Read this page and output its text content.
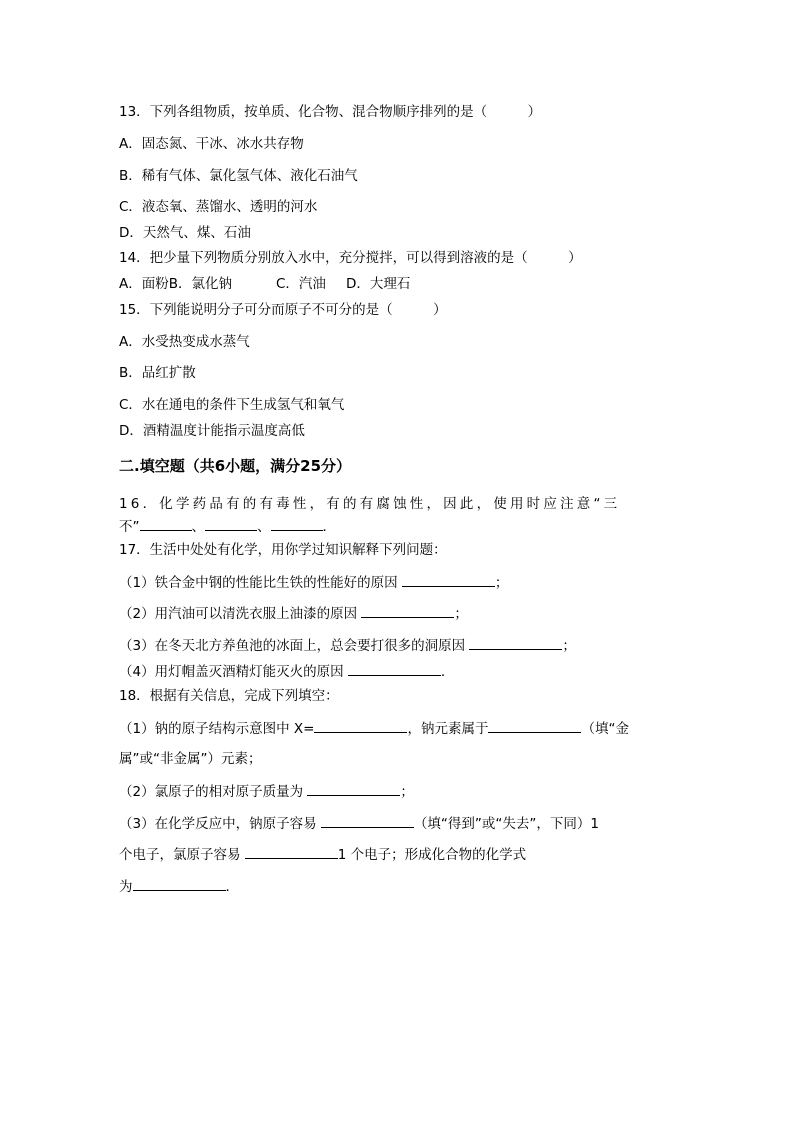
13．下列各组物质，按单质、化合物、混合物顺序排列的是（　　　）
A．固态氮、干冰、冰水共存物
B．稀有气体、氯化氢气体、液化石油气
C．液态氧、蒸馏水、透明的河水
D．天然气、煤、石油
14．把少量下列物质分别放入水中，充分搅拌，可以得到溶液的是（　　　）
A．面粉B．氯化钠	C．汽油 D．大理石
15．下列能说明分子可分而原子不可分的是（　　　）
A．水受热变成水蒸气
B．品红扩散
C．水在通电的条件下生成氢气和氧气
D．酒精温度计能指示温度高低
二.填空题（共6小题，满分25分）
16．化学药品有的有毒性，有的有腐蚀性，因此，使用时应注意“三
不”	、	、	．
17．生活中处处有化学，用你学过知识解释下列问题：
（1）铁合金中钢的性能比生铁的性能好的原因	；
（2）用汽油可以清洗衣服上油漆的原因	；
（3）在冬天北方养鱼池的冰面上，总会要打很多的洞原因	；
（4）用灯帽盖灭酒精灯能灭火的原因	．
18．根据有关信息，完成下列填空：
（1）钠的原子结构示意图中 X=	，钠元素属于	（填“金
属”或“非金属”）元素；
（2）氯原子的相对原子质量为	；
（3）在化学反应中，钠原子容易	（填“得到”或“失去”，下同）1
个电子，氯原子容易	1 个电子；形成化合物的化学式
为	．
